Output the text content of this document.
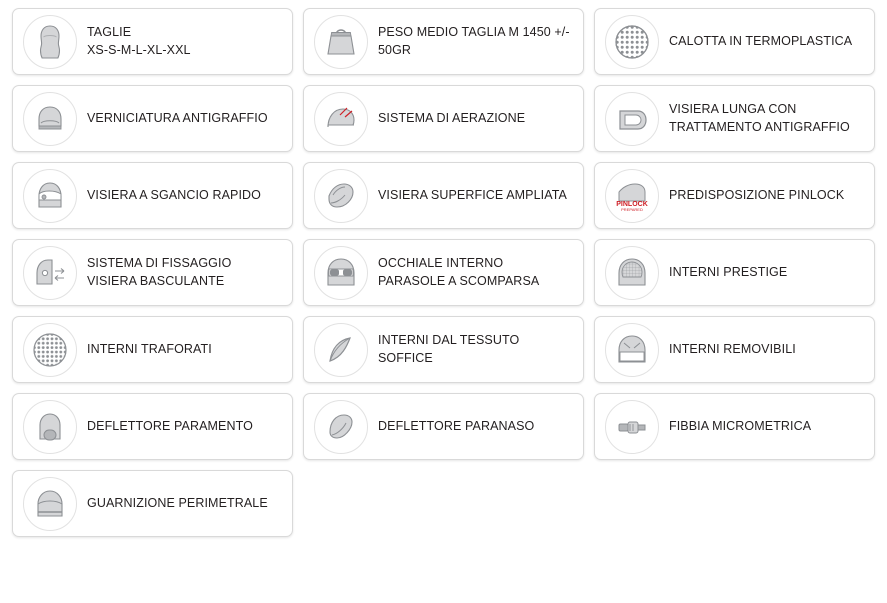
TAGLIE
XS-S-M-L-XL-XXL
PESO MEDIO TAGLIA M 1450 +/- 50GR
CALOTTA IN TERMOPLASTICA
VERNICIATURA ANTIGRAFFIO	SISTEMA DI AERAZIONE
VISIERA LUNGA CON TRATTAMENTO ANTIGRAFFIO
VISIERA A SGANCIO RAPIDO	VISIERA SUPERFICE AMPLIATA
PINLOCK
PREPARED
PREDISPOSIZIONE PINLOCK
SISTEMA DI FISSAGGIO VISIERA BASCULANTE
OCCHIALE INTERNO PARASOLE A SCOMPARSA
INTERNI PRESTIGE
INTERNI TRAFORATI
INTERNI DAL TESSUTO SOFFICE
INTERNI REMOVIBILI
DEFLETTORE PARAMENTO	DEFLETTORE PARANASO	FIBBIA MICROMETRICA
GUARNIZIONE PERIMETRALE
